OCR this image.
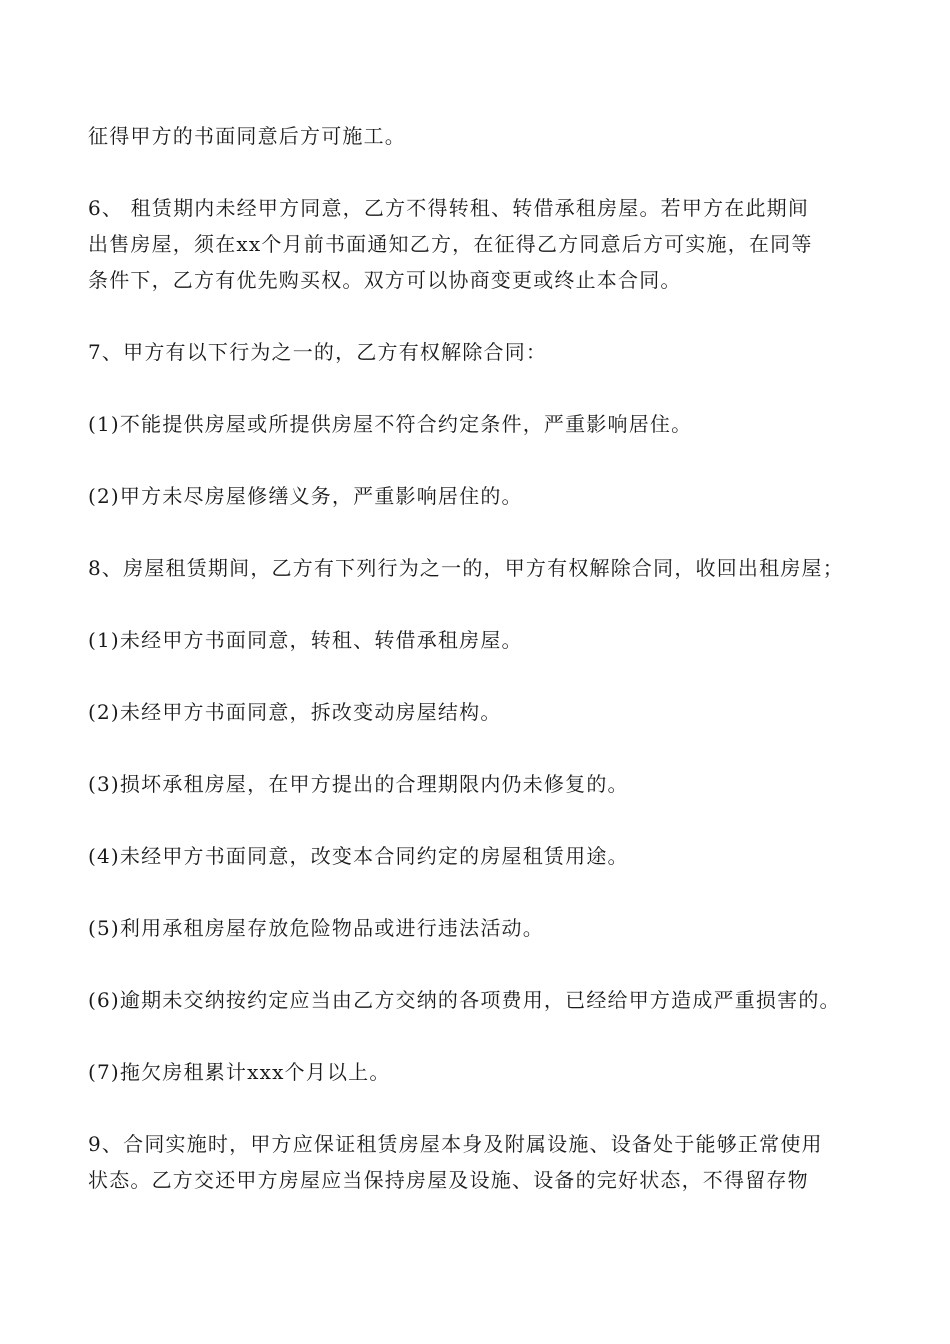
征得甲方的书面同意后方可施工。

6、 租赁期内未经甲方同意，乙方不得转租、转借承租房屋。若甲方在此期间
出售房屋，须在xx个月前书面通知乙方，在征得乙方同意后方可实施，在同等
条件下，乙方有优先购买权。双方可以协商变更或终止本合同。

7、甲方有以下行为之一的，乙方有权解除合同：

(1)不能提供房屋或所提供房屋不符合约定条件，严重影响居住。

(2)甲方未尽房屋修缮义务，严重影响居住的。

8、房屋租赁期间，乙方有下列行为之一的，甲方有权解除合同，收回出租房屋；

(1)未经甲方书面同意，转租、转借承租房屋。

(2)未经甲方书面同意，拆改变动房屋结构。

(3)损坏承租房屋，在甲方提出的合理期限内仍未修复的。

(4)未经甲方书面同意，改变本合同约定的房屋租赁用途。

(5)利用承租房屋存放危险物品或进行违法活动。

(6)逾期未交纳按约定应当由乙方交纳的各项费用，已经给甲方造成严重损害的。

(7)拖欠房租累计xxx个月以上。

9、合同实施时，甲方应保证租赁房屋本身及附属设施、设备处于能够正常使用
状态。乙方交还甲方房屋应当保持房屋及设施、设备的完好状态，不得留存物
